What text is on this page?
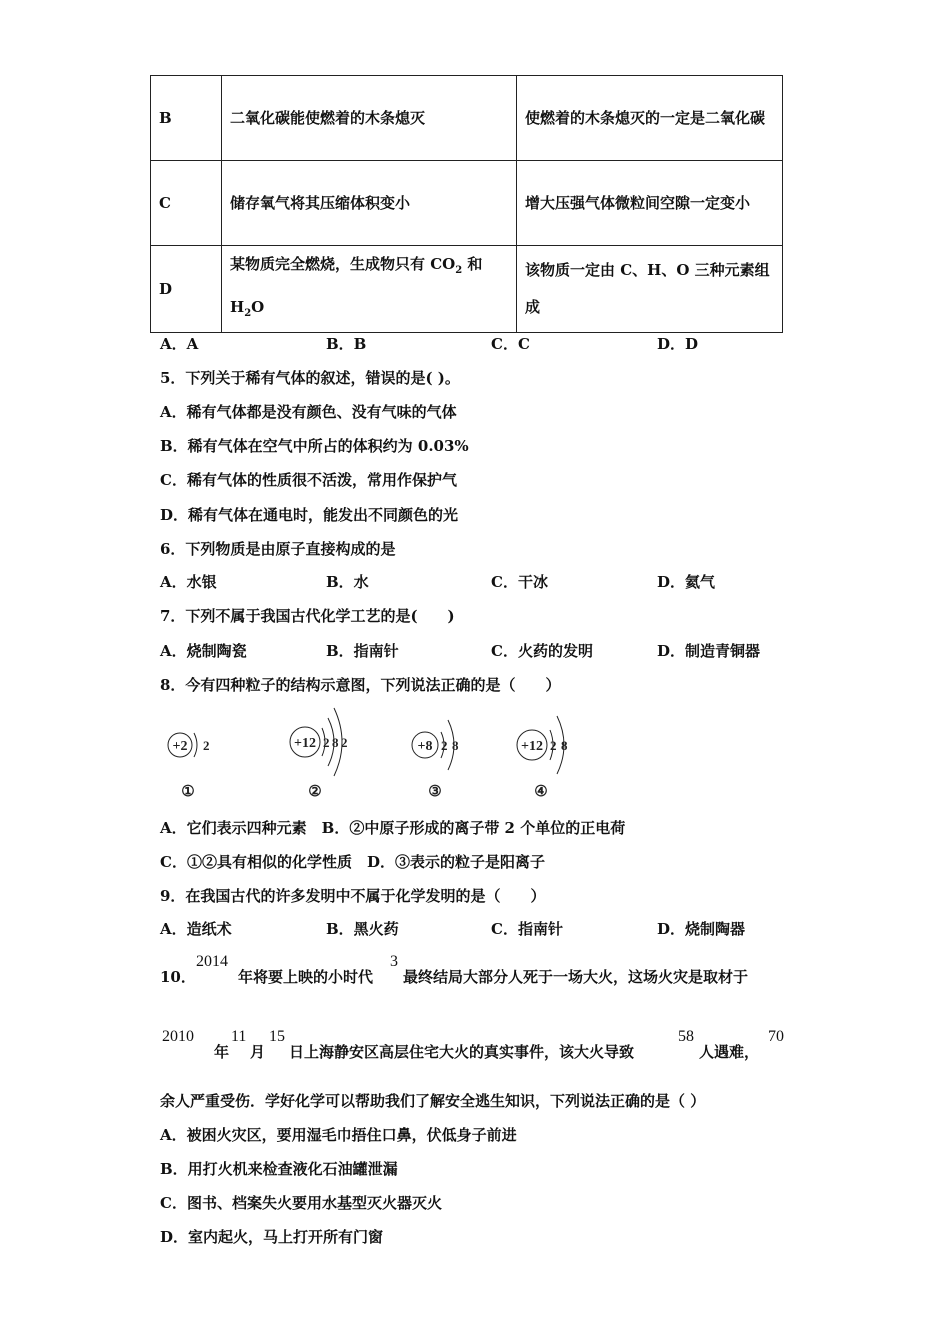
B	二氧化碳能使燃着的木条熄灭	使燃着的木条熄灭的一定是二氧化碳
C	储存氧气将其压缩体积变小	增大压强气体微粒间空隙一定变小
D	某物质完全燃烧，生成物只有 $CO_2$ 和 $H_2O$	该物质一定由 C、H、O 三种元素组成
A．A	B．B	C．C	D．D
5．下列关于稀有气体的叙述，错误的是( )。
A．稀有气体都是没有颜色、没有气味的气体
B．稀有气体在空气中所占的体积约为 0.03%
C．稀有气体的性质很不活泼，常用作保护气
D．稀有气体在通电时，能发出不同颜色的光
6．下列物质是由原子直接构成的是
A．水银	B．水	C．干冰	D．氦气
7．下列不属于我国古代化学工艺的是(　　)
A．烧制陶瓷	B．指南针	C．火药的发明	D．制造青铜器
8．今有四种粒子的结构示意图，下列说法正确的是（　　）
+2 2
①
+12 2 8 2
②
+8 2 8
③
+12 2 8
④
A．它们表示四种元素　B．②中原子形成的离子带 2 个单位的正电荷
C．①②具有相似的化学性质　D．③表示的粒子是阳离子
9．在我国古代的许多发明中不属于化学发明的是（　　）
A．造纸术	B．黑火药	C．指南针	D．烧制陶器
10．
2014
年将要上映的小时代
3
最终结局大部分人死于一场大火，这场火灾是取材于
2010
年
11
月
15
日上海静安区高层住宅大火的真实事件，该大火导致
58
人遇难，
70
余人严重受伤．学好化学可以帮助我们了解安全逃生知识，下列说法正确的是（ ）
A．被困火灾区，要用湿毛巾捂住口鼻，伏低身子前进
B．用打火机来检查液化石油罐泄漏
C．图书、档案失火要用水基型灭火器灭火
D．室内起火，马上打开所有门窗
